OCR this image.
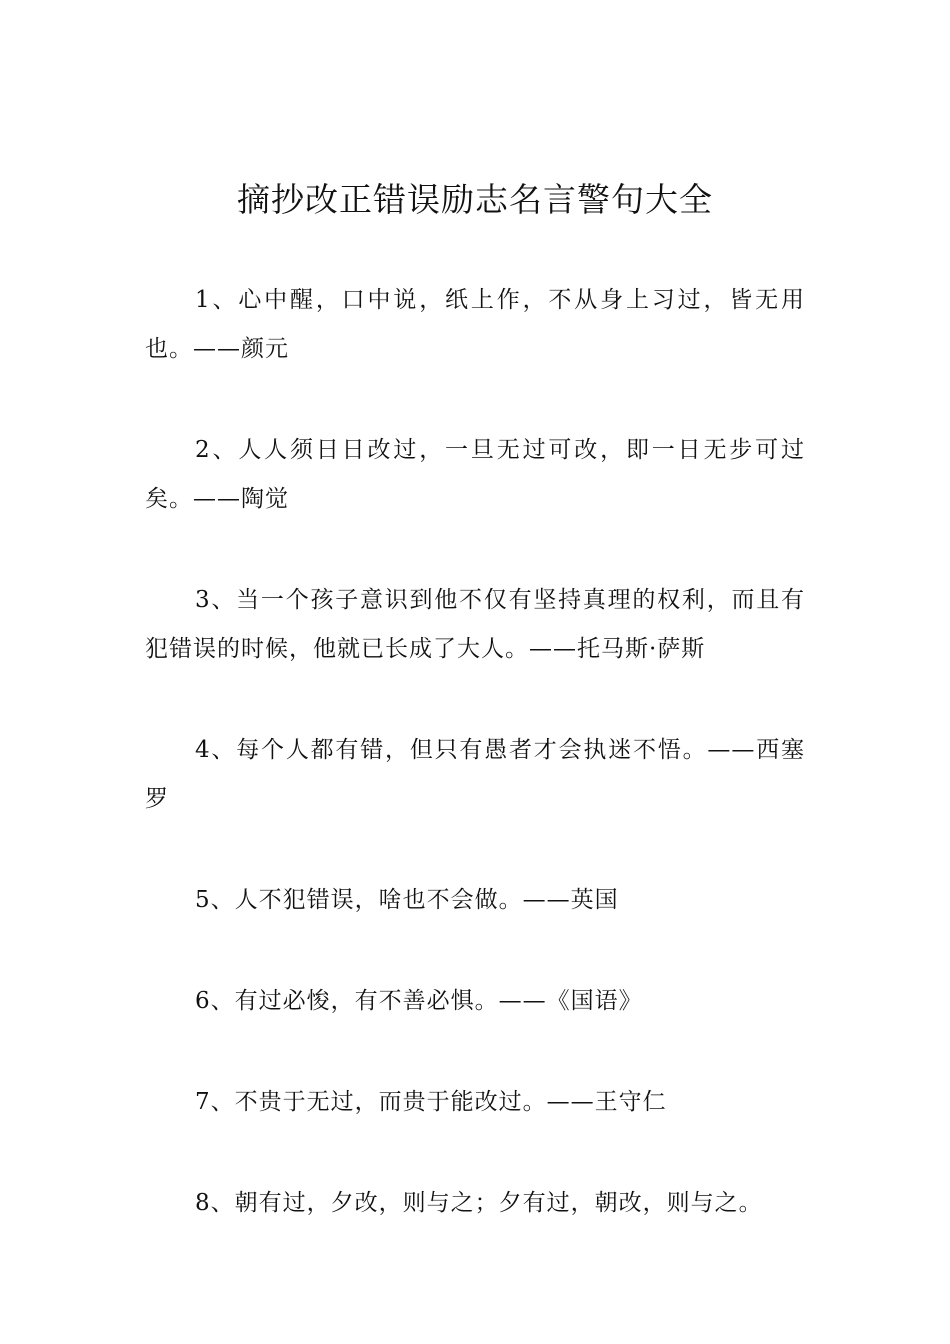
摘抄改正错误励志名言警句大全

1、心中醒，口中说，纸上作，不从身上习过，皆无用也。——颜元

2、人人须日日改过，一旦无过可改，即一日无步可过矣。——陶觉

3、当一个孩子意识到他不仅有坚持真理的权利，而且有犯错误的时候，他就已长成了大人。——托马斯·萨斯

4、每个人都有错，但只有愚者才会执迷不悟。——西塞罗

5、人不犯错误，啥也不会做。——英国

6、有过必悛，有不善必惧。——《国语》

7、不贵于无过，而贵于能改过。——王守仁

8、朝有过，夕改，则与之；夕有过，朝改，则与之。
